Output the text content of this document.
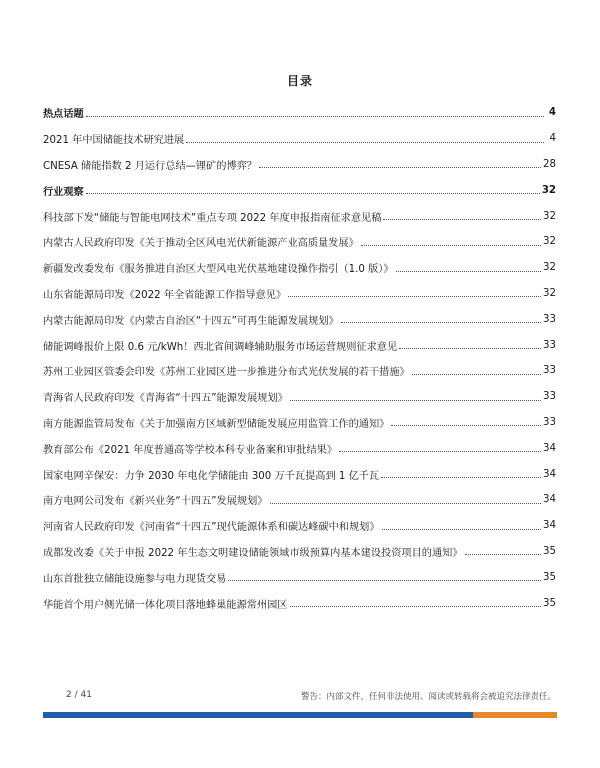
目录
热点话题	4
2021 年中国储能技术研究进展	4
CNESA 储能指数 2 月运行总结—锂矿的博弈？	28
行业观察	32
科技部下发“储能与智能电网技术”重点专项 2022 年度申报指南征求意见稿	32
内蒙古人民政府印发《关于推动全区风电光伏新能源产业高质量发展》	32
新疆发改委发布《服务推进自治区大型风电光伏基地建设操作指引（1.0 版）》	32
山东省能源局印发《2022 年全省能源工作指导意见》	32
内蒙古能源局印发《内蒙古自治区“十四五”可再生能源发展规划》	33
储能调峰报价上限 0.6 元/kWh！西北省间调峰辅助服务市场运营规则征求意见	33
苏州工业园区管委会印发《苏州工业园区进一步推进分布式光伏发展的若干措施》	33
青海省人民政府印发《青海省“十四五”能源发展规划》	33
南方能源监管局发布《关于加强南方区域新型储能发展应用监管工作的通知》	33
教育部公布《2021 年度普通高等学校本科专业备案和审批结果》	34
国家电网辛保安：力争 2030 年电化学储能由 300 万千瓦提高到 1 亿千瓦	34
南方电网公司发布《新兴业务“十四五”发展规划》	34
河南省人民政府印发《河南省“十四五”现代能源体系和碳达峰碳中和规划》	34
成都发改委《关于申报 2022 年生态文明建设储能领域市级预算内基本建设投资项目的通知》	35
山东首批独立储能设施参与电力现货交易	35
华能首个用户侧光储一体化项目落地蜂巢能源常州园区	35
2 / 41	警告：内部文件，任何非法使用、阅读或转载将会被追究法律责任。
